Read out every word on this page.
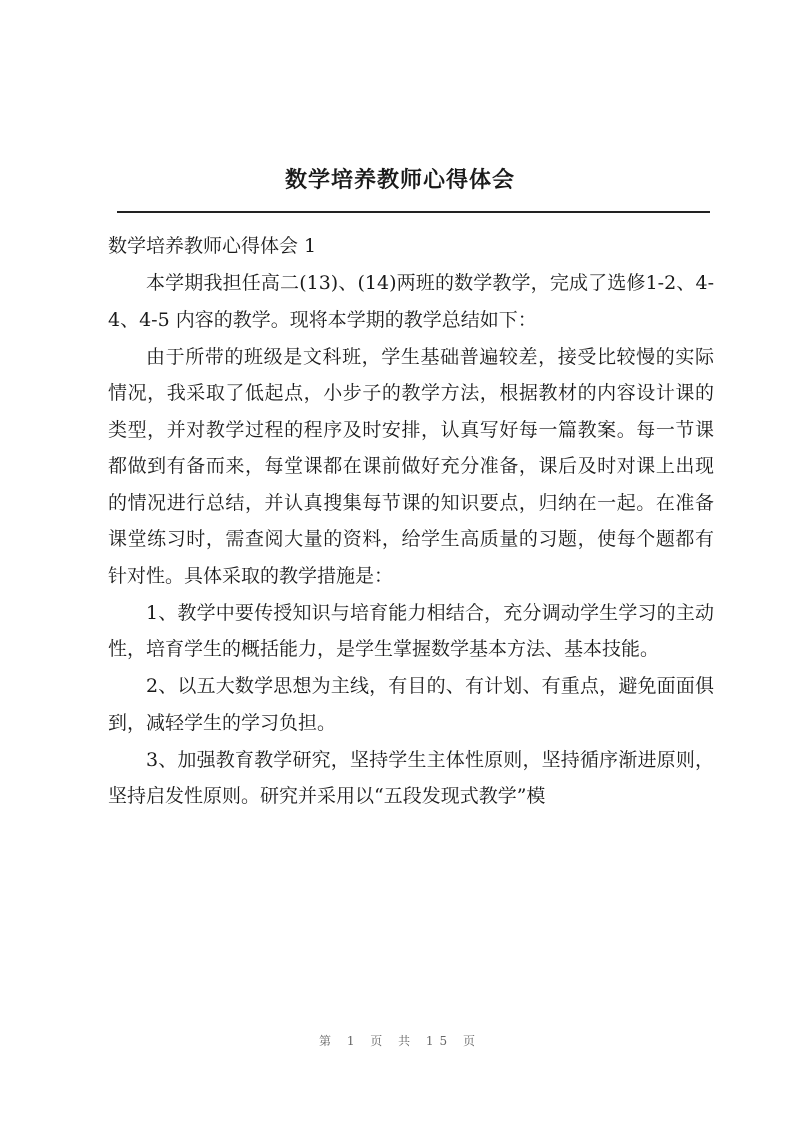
数学培养教师心得体会

数学培养教师心得体会 1

本学期我担任高二(13)、(14)两班的数学教学，完成了选修1-2、4-4、4-5 内容的教学。现将本学期的教学总结如下：

由于所带的班级是文科班，学生基础普遍较差，接受比较慢的实际情况，我采取了低起点，小步子的教学方法，根据教材的内容设计课的类型，并对教学过程的程序及时安排，认真写好每一篇教案。每一节课都做到有备而来，每堂课都在课前做好充分准备，课后及时对课上出现的情况进行总结，并认真搜集每节课的知识要点，归纳在一起。在准备课堂练习时，需查阅大量的资料，给学生高质量的习题，使每个题都有针对性。具体采取的教学措施是：

1、教学中要传授知识与培育能力相结合，充分调动学生学习的主动性，培育学生的概括能力，是学生掌握数学基本方法、基本技能。

2、以五大数学思想为主线，有目的、有计划、有重点，避免面面俱到，减轻学生的学习负担。

3、加强教育教学研究，坚持学生主体性原则，坚持循序渐进原则，坚持启发性原则。研究并采用以“五段发现式教学”模

第 1 页 共 15 页
